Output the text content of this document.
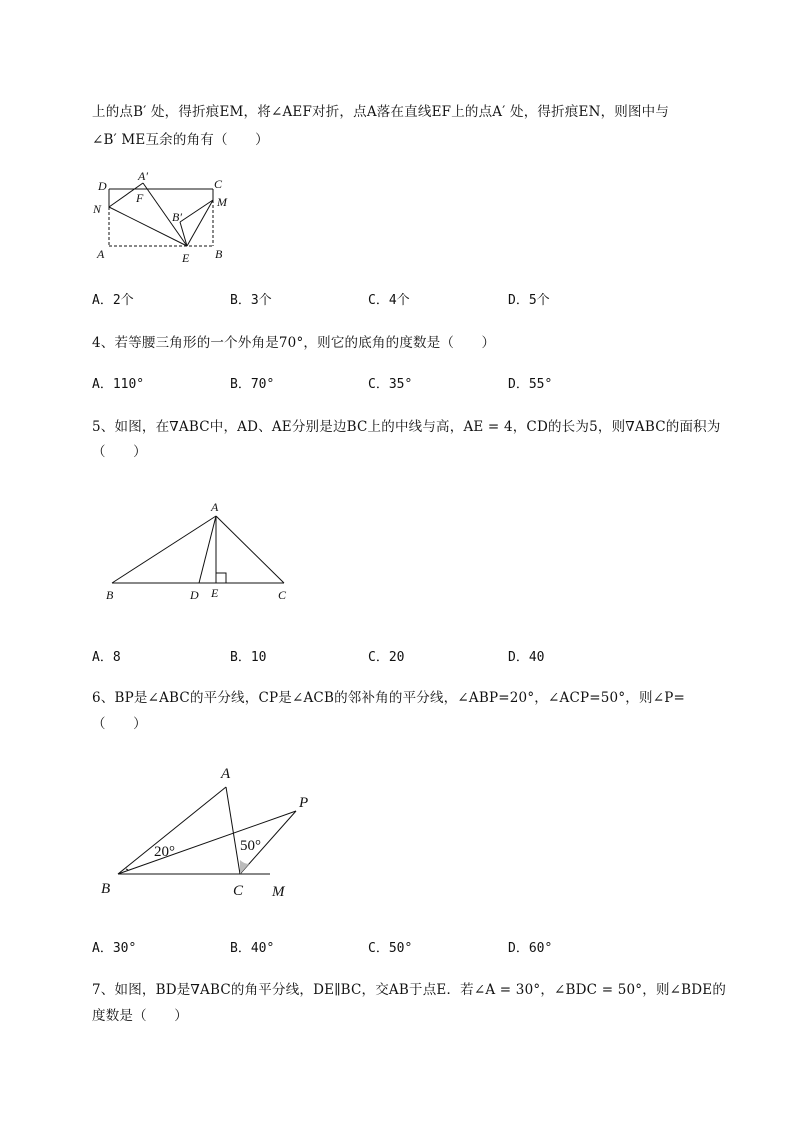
上的点B′ 处，得折痕EM，将∠AEF对折，点A落在直线EF上的点A′ 处，得折痕EN，则图中与
∠B′ ME互余的角有（　　）
D
A′
C
F
N	M
B′
A	E B
A．2个	B．3个	C．4个	D．5个
4、若等腰三角形的一个外角是70°，则它的底角的度数是（　　）
A．110°	B．70°	C．35°	D．55°
5、如图，在∇ABC中，AD、AE分别是边BC上的中线与高，AE = 4，CD的长为5，则∇ABC的面积为
（　　）
A
B	D E	C
A．8	B．10	C．20	D．40
6、BP是∠ABC的平分线，CP是∠ACB的邻补角的平分线，∠ABP=20°，∠ACP=50°，则∠P=
（　　）
A
P
20°	50°
B	C M
A．30°	B．40°	C．50°	D．60°
7、如图，BD是∇ABC的角平分线，DE∥BC，交AB于点E．若∠A = 30°，∠BDC = 50°，则∠BDE的
度数是（　　）
